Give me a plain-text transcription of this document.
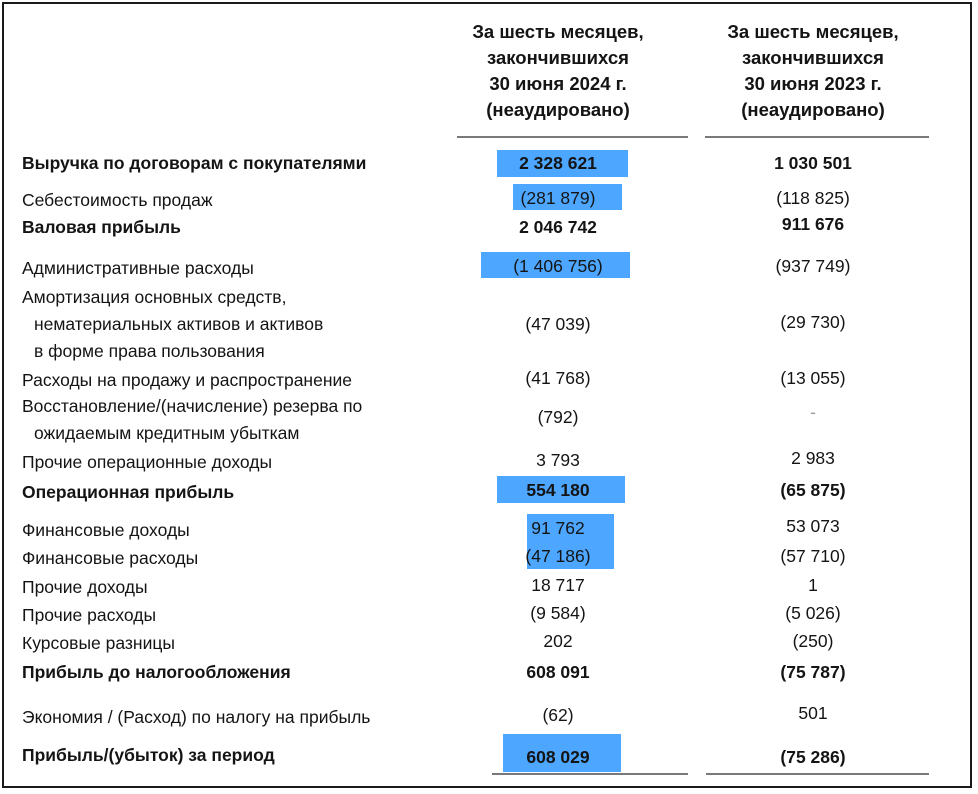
За шесть месяцев,
закончившихся
30 июня 2024 г.
(неаудировано)
За шесть месяцев,
закончившихся
30 июня 2023 г.
(неаудировано)
Выручка по договорам с покупателями	2 328 621	1 030 501
Себестоимость продаж	(281 879)	(118 825)
Валовая прибыль	2 046 742	911 676
Административные расходы	(1 406 756)	(937 749)
Амортизация основных средств,
нематериальных активов и активов
в форме права пользования
(47 039)	(29 730)
Расходы на продажу и распространение	(41 768)	(13 055)
Восстановление/(начисление) резерва по
ожидаемым кредитным убыткам
(792)	-
Прочие операционные доходы	3 793	2 983
Операционная прибыль	554 180	(65 875)
Финансовые доходы	91 762	53 073
Финансовые расходы	(47 186)	(57 710)
Прочие доходы	18 717	1
Прочие расходы	(9 584)	(5 026)
Курсовые разницы	202	(250)
Прибыль до налогообложения	608 091	(75 787)
Экономия / (Расход) по налогу на прибыль	(62)	501
Прибыль/(убыток) за период	608 029	(75 286)
